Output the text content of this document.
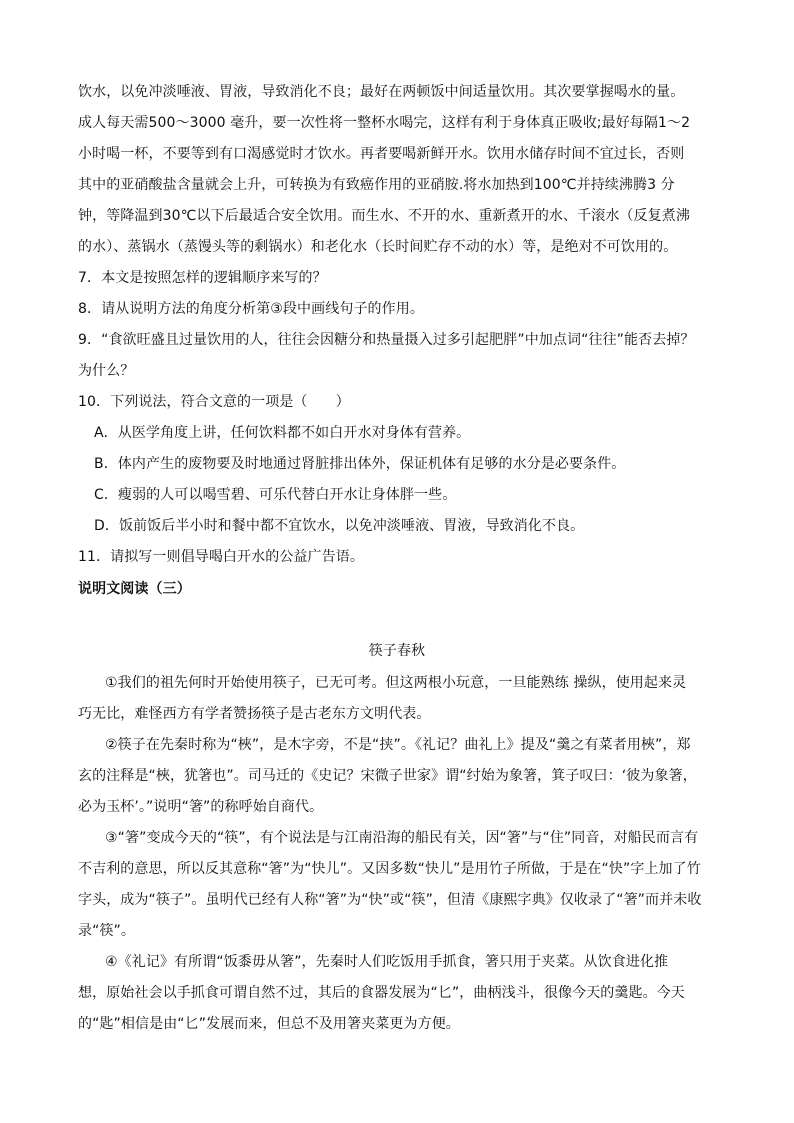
饮水，以免冲淡唾液、胃液，导致消化不良；最好在两顿饭中间适量饮用。其次要掌握喝水的量。
成人每天需500～3000 毫升，要一次性将一整杯水喝完，这样有利于身体真正吸收;最好每隔1～2
小时喝一杯，不要等到有口渴感觉时才饮水。再者要喝新鲜开水。饮用水储存时间不宜过长，否则
其中的亚硝酸盐含量就会上升，可转换为有致癌作用的亚硝胺.将水加热到100℃并持续沸腾3 分
钟，等降温到30℃以下后最适合安全饮用。而生水、不开的水、重新煮开的水、千滚水（反复煮沸
的水）、蒸锅水（蒸馒头等的剩锅水）和老化水（长时间贮存不动的水）等，是绝对不可饮用的。
7．本文是按照怎样的逻辑顺序来写的？
8．请从说明方法的角度分析第③段中画线句子的作用。
9．“食欲旺盛且过量饮用的人，往往会因糖分和热量摄入过多引起肥胖”中加点词“往往”能否去掉？
为什么？
10．下列说法，符合文意的一项是（　　）
A．从医学角度上讲，任何饮料都不如白开水对身体有营养。
B．体内产生的废物要及时地通过肾脏排出体外，保证机体有足够的水分是必要条件。
C．瘦弱的人可以喝雪碧、可乐代替白开水让身体胖一些。
D．饭前饭后半小时和餐中都不宜饮水，以免冲淡唾液、胃液，导致消化不良。
11．请拟写一则倡导喝白开水的公益广告语。
说明文阅读（三）
筷子春秋
①我们的祖先何时开始使用筷子，已无可考。但这两根小玩意，一旦能熟练 操纵，使用起来灵
巧无比，难怪西方有学者赞扬筷子是古老东方文明代表。
②筷子在先秦时称为“梜”，是木字旁，不是“挟”。《礼记？曲礼上》提及“羹之有菜者用梜”，郑
玄的注释是“梜，犹箸也”。司马迁的《史记？宋微子世家》谓“纣始为象箸，箕子叹曰：‘彼为象箸，
必为玉杯’。”说明“箸”的称呼始自商代。
③“箸”变成今天的“筷”，有个说法是与江南沿海的船民有关，因“箸”与“住”同音，对船民而言有
不吉利的意思，所以反其意称“箸”为“快儿”。又因多数“快儿”是用竹子所做，于是在“快”字上加了竹
字头，成为“筷子”。虽明代已经有人称“箸”为“快”或“筷”，但清《康熙字典》仅收录了“箸”而并未收
录“筷”。
④《礼记》有所谓“饭黍毋从箸”，先秦时人们吃饭用手抓食，箸只用于夹菜。从饮食进化推
想，原始社会以手抓食可谓自然不过，其后的食器发展为“匕”，曲柄浅斗，很像今天的羹匙。今天
的“匙”相信是由“匕”发展而来，但总不及用箸夹菜更为方便。
